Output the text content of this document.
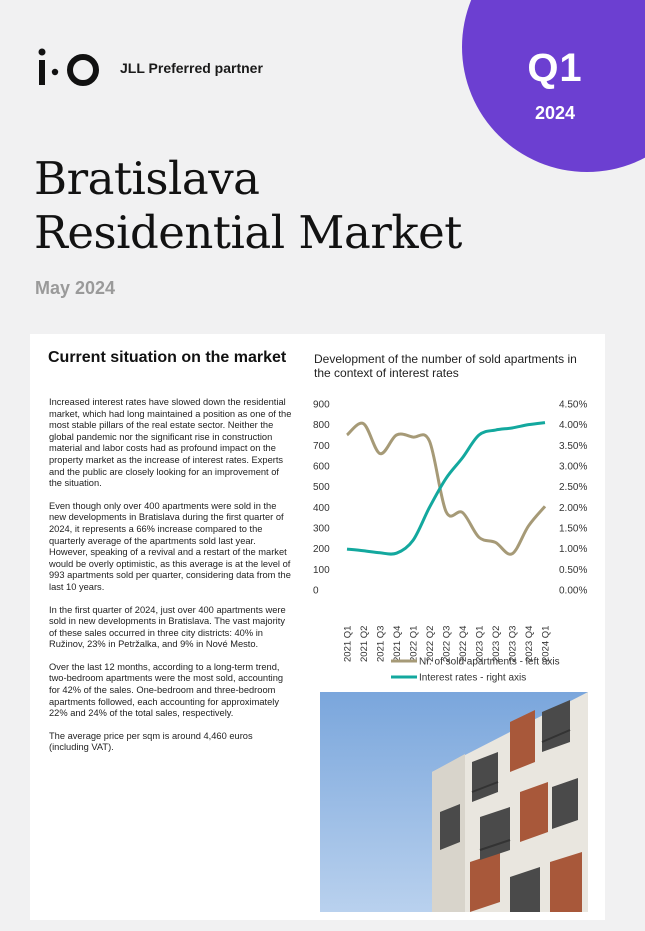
JLL Preferred partner	Q1
2024
Bratislava
Residential Market
May 2024
Current situation on the market

Increased interest rates have slowed down the residential market, which had long maintained a position as one of the most stable pillars of the real estate sector. Neither the global pandemic nor the significant rise in construction material and labor costs had as profound impact on the property market as the increase of interest rates. Experts and the public are closely looking for an improvement of the situation.

Even though only over 400 apartments were sold in the new developments in Bratislava during the first quarter of 2024, it represents a 66% increase compared to the quarterly average of the apartments sold last year. However, speaking of a revival and a restart of the market would be overly optimistic, as this average is at the level of 993 apartments sold per quarter, considering data from the last 10 years.

In the first quarter of 2024, just over 400 apartments were sold in new developments in Bratislava. The vast majority of these sales occurred in three city districts: 40% in Ružinov, 23% in Petržalka, and 9% in Nové Mesto.

Over the last 12 months, according to a long-term trend, two-bedroom apartments were the most sold, accounting for 42% of the sales. One-bedroom and three-bedroom apartments followed, each accounting for approximately 22% and 24% of the total sales, respectively.

The average price per sqm is around 4,460 euros (including VAT).

Development of the number of sold apartments in the context of interest rates
0
100
200
300
400
500
600
700
800
900
0.00%
0.50%
1.00%
1.50%
2.00%
2.50%
3.00%
3.50%
4.00%
4.50%
2021 Q1 2021 Q2 2021 Q3 2021 Q4 2022 Q1 2022 Q2 2022 Q3 2022 Q4 2023 Q1 2023 Q2 2023 Q3 2023 Q4 2024 Q1
Nr. of sold apartments - left axis
Interest rates - right axis
